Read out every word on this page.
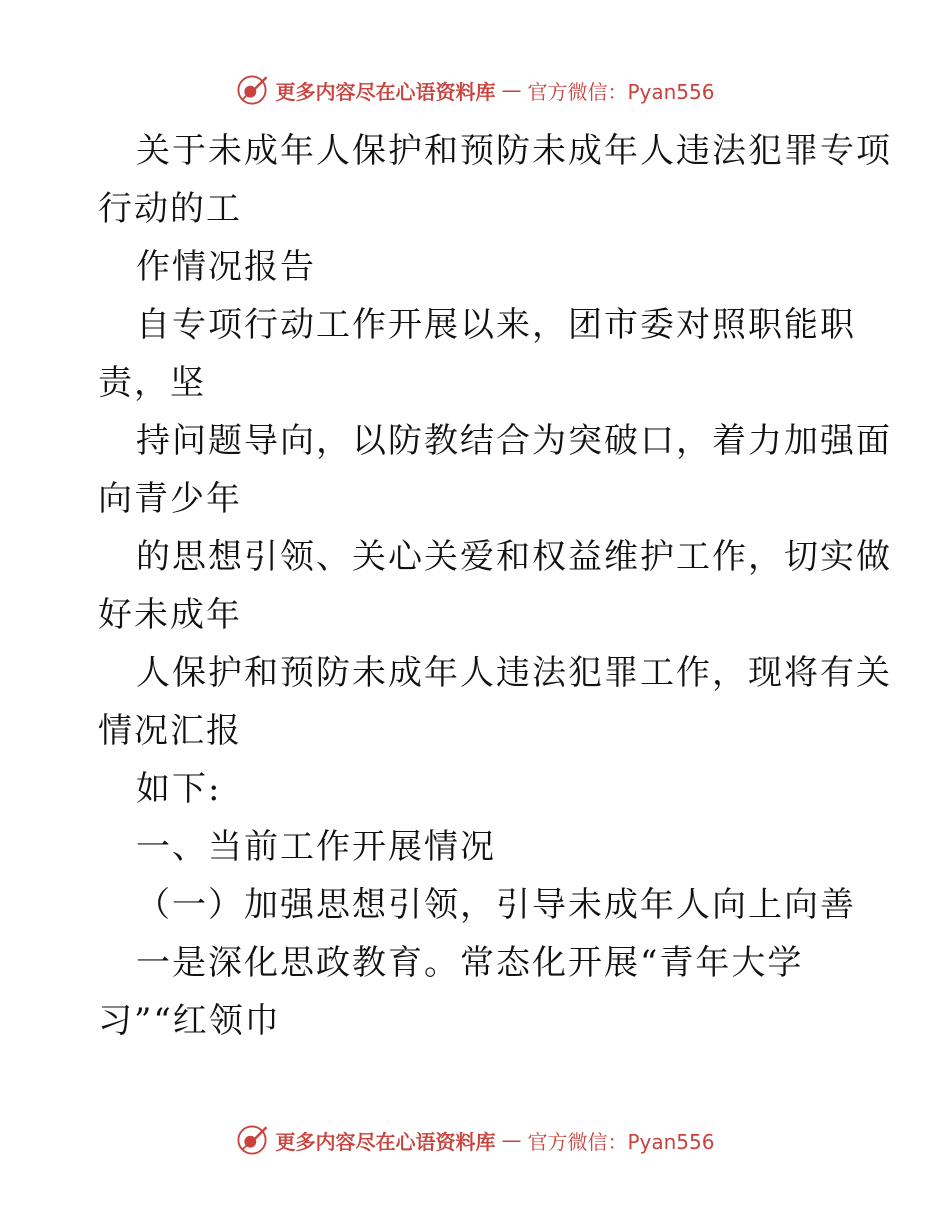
更多内容尽在心语资料库 — 官方微信：Pyan556
关于未成年人保护和预防未成年人违法犯罪专项
行动的工
作情况报告
自专项行动工作开展以来，团市委对照职能职
责，坚
持问题导向，以防教结合为突破口，着力加强面
向青少年
的思想引领、关心关爱和权益维护工作，切实做
好未成年
人保护和预防未成年人违法犯罪工作，现将有关
情况汇报
如下:
一、当前工作开展情况
（一）加强思想引领，引导未成年人向上向善
一是深化思政教育。常态化开展“青年大学
习”“红领巾
更多内容尽在心语资料库 — 官方微信：Pyan556
